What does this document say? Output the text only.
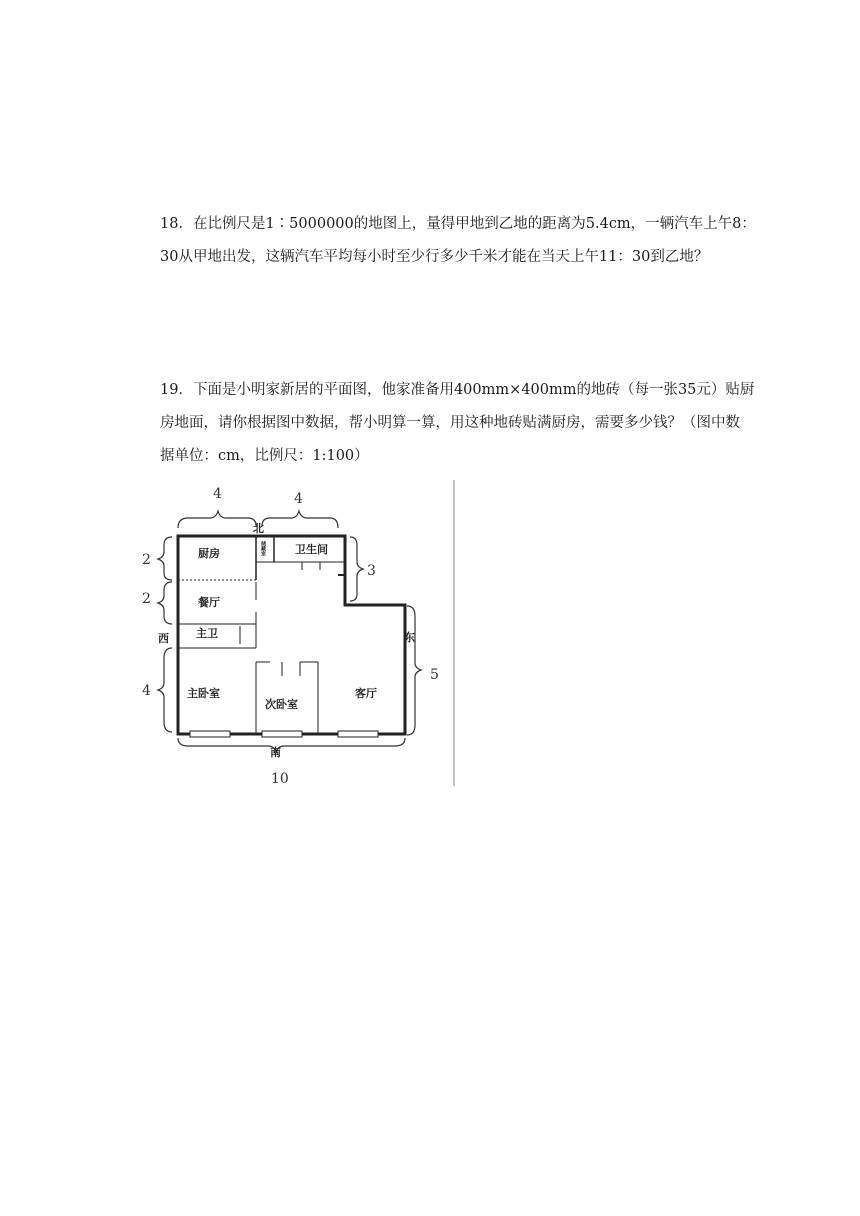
18．在比例尺是1∶5000000的地图上，量得甲地到乙地的距离为5.4cm，一辆汽车上午8：

30从甲地出发，这辆汽车平均每小时至少行多少千米才能在当天上午11：30到乙地？

19．下面是小明家新居的平面图，他家准备用400mm×400mm的地砖（每一张35元）贴厨

房地面，请你根据图中数据，帮小明算一算，用这种地砖贴满厨房，需要多少钱？（图中数

据单位：cm，比例尺：1:100）

4	4
北
2
2
4
西
3
5
东
10
南
厨房	储藏室	卫生间
餐厅
主卫
主卧室
次卧室
客厅
